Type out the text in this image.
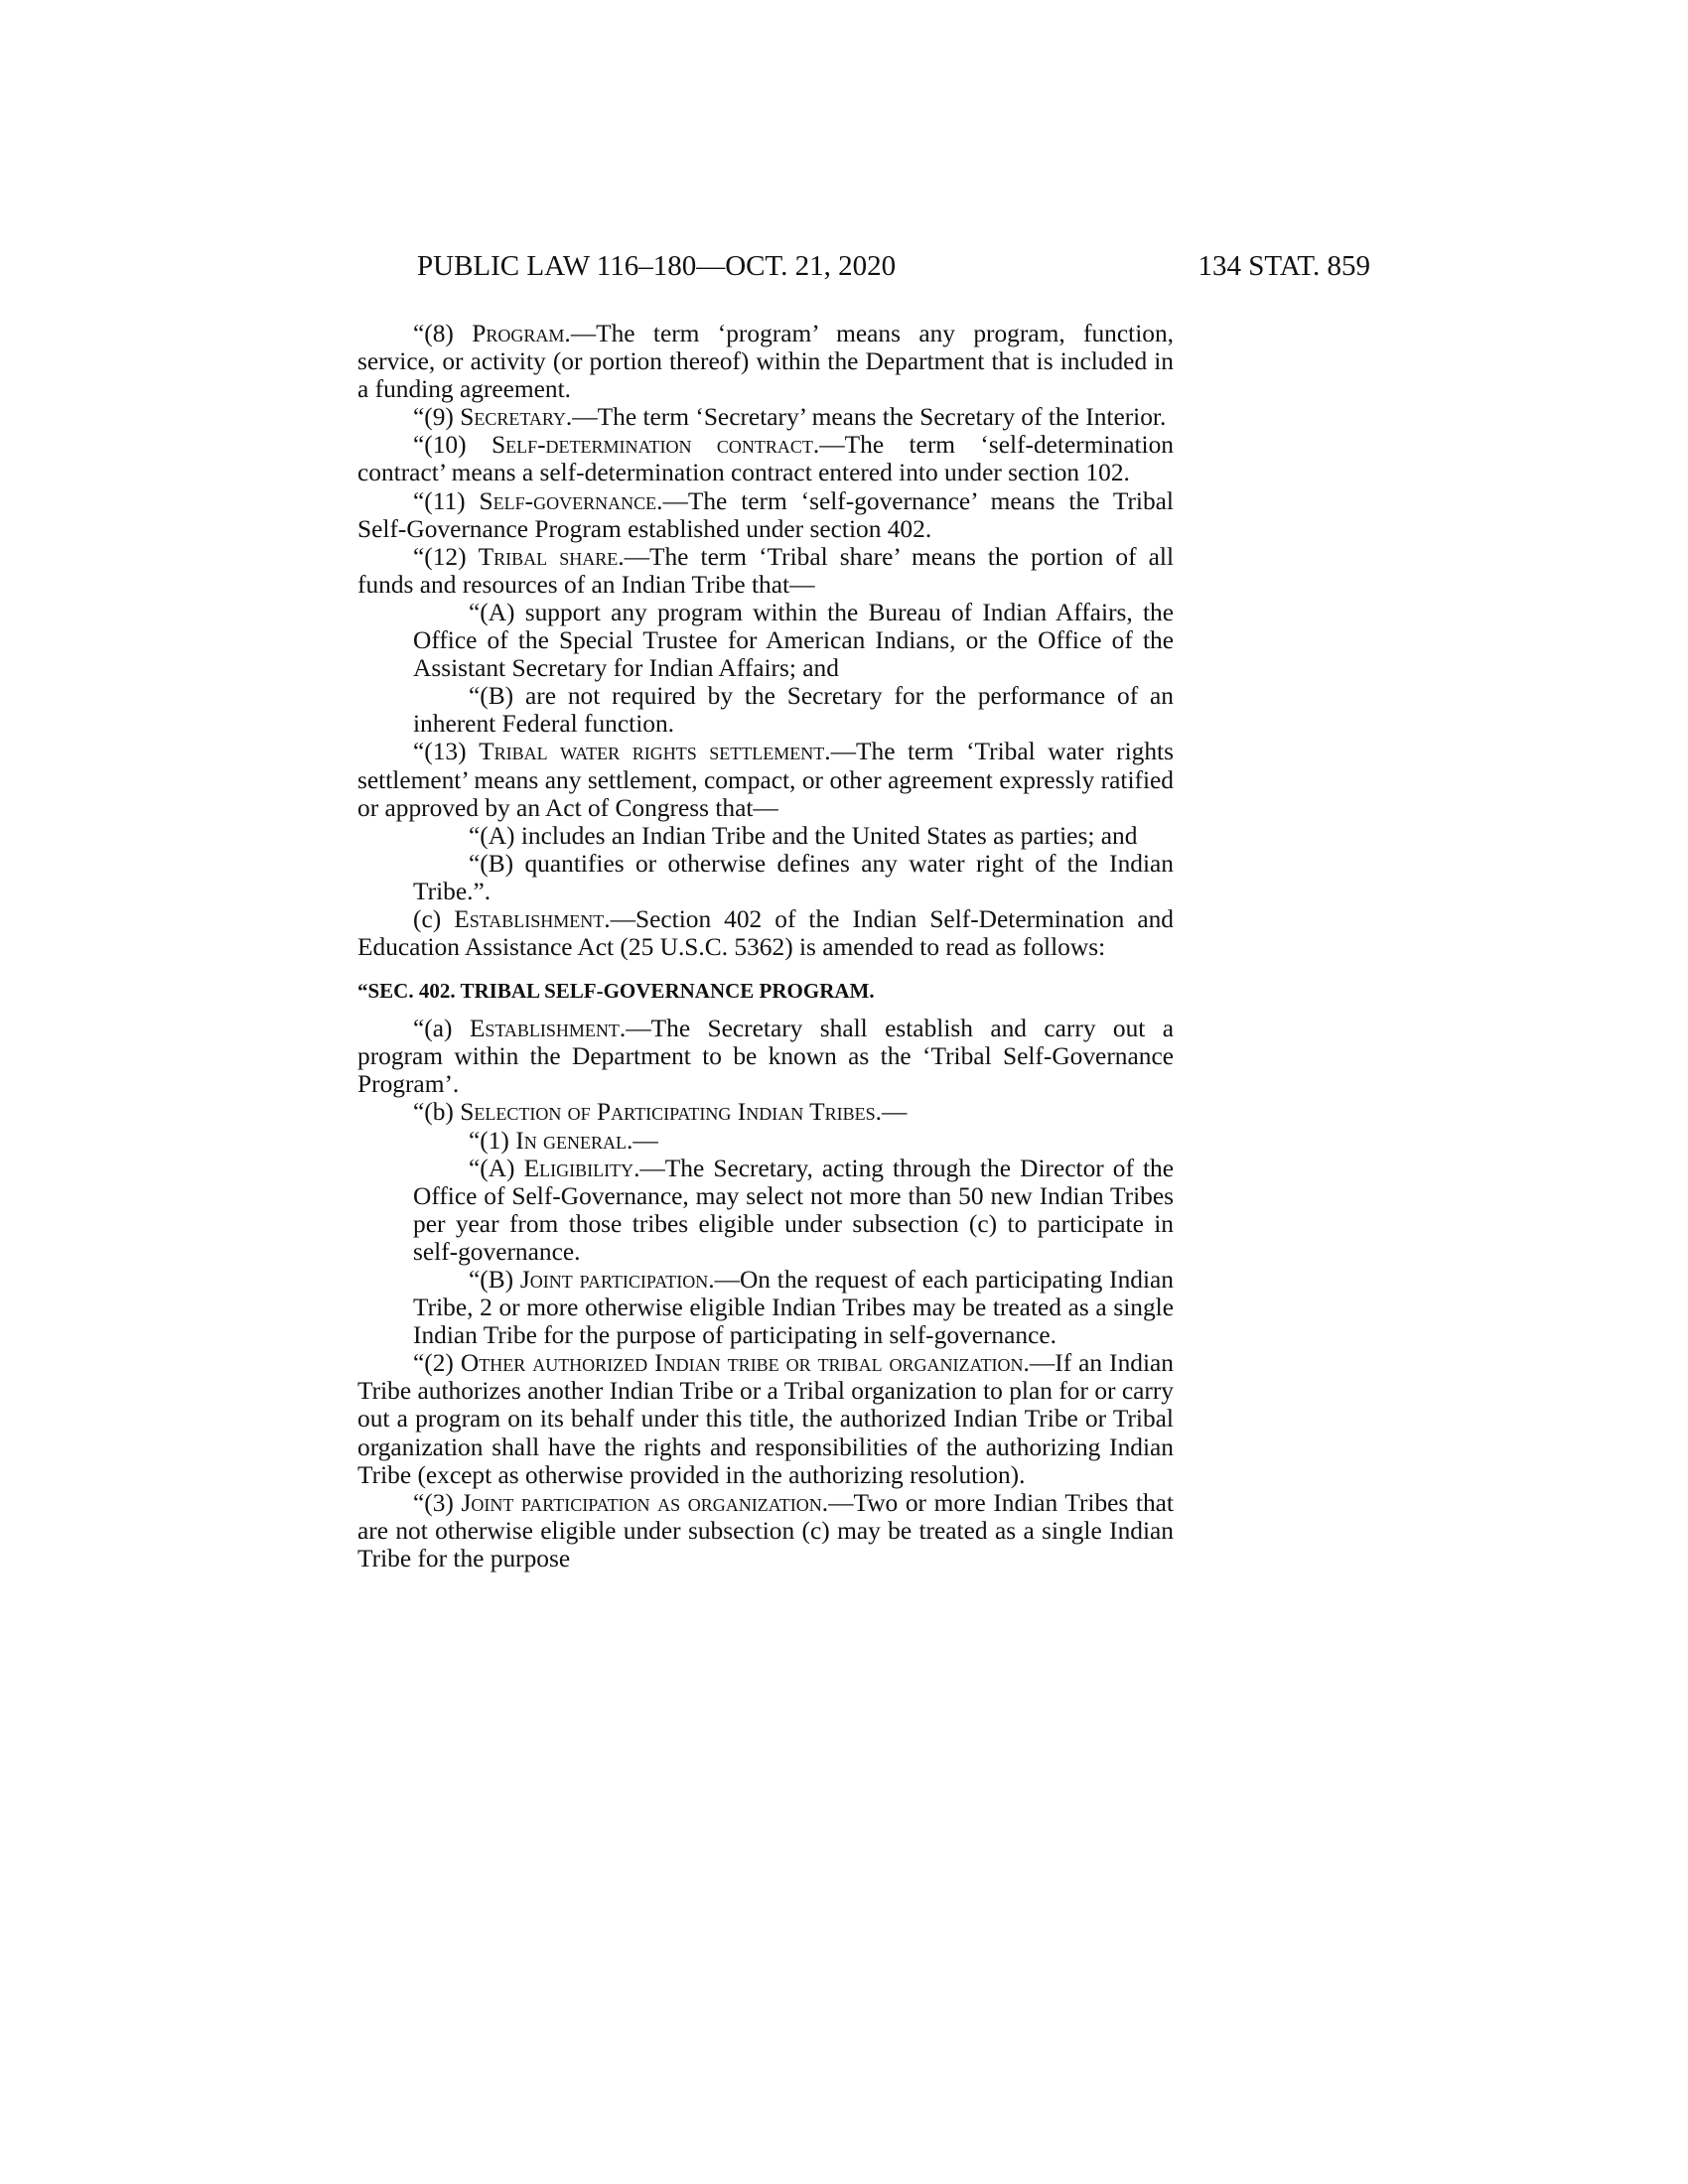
PUBLIC LAW 116–180—OCT. 21, 2020	134 STAT. 859

“(8) Program.—The term ‘program’ means any program, function, service, or activity (or portion thereof) within the Department that is included in a funding agreement.

“(9) Secretary.—The term ‘Secretary’ means the Secretary of the Interior.

“(10) Self-determination contract.—The term ‘self-determination contract’ means a self-determination contract entered into under section 102.

“(11) Self-governance.—The term ‘self-governance’ means the Tribal Self-Governance Program established under section 402.

“(12) Tribal share.—The term ‘Tribal share’ means the portion of all funds and resources of an Indian Tribe that—

“(A) support any program within the Bureau of Indian Affairs, the Office of the Special Trustee for American Indians, or the Office of the Assistant Secretary for Indian Affairs; and

“(B) are not required by the Secretary for the performance of an inherent Federal function.

“(13) Tribal water rights settlement.—The term ‘Tribal water rights settlement’ means any settlement, compact, or other agreement expressly ratified or approved by an Act of Congress that—

“(A) includes an Indian Tribe and the United States as parties; and

“(B) quantifies or otherwise defines any water right of the Indian Tribe.”.

(c) Establishment.—Section 402 of the Indian Self-Determination and Education Assistance Act (25 U.S.C. 5362) is amended to read as follows:

“SEC. 402. TRIBAL SELF-GOVERNANCE PROGRAM.

“(a) Establishment.—The Secretary shall establish and carry out a program within the Department to be known as the ‘Tribal Self-Governance Program’.

“(b) Selection of Participating Indian Tribes.—

“(1) In general.—

“(A) Eligibility.—The Secretary, acting through the Director of the Office of Self-Governance, may select not more than 50 new Indian Tribes per year from those tribes eligible under subsection (c) to participate in self-governance.

“(B) Joint participation.—On the request of each participating Indian Tribe, 2 or more otherwise eligible Indian Tribes may be treated as a single Indian Tribe for the purpose of participating in self-governance.

“(2) Other authorized Indian tribe or tribal organization.—If an Indian Tribe authorizes another Indian Tribe or a Tribal organization to plan for or carry out a program on its behalf under this title, the authorized Indian Tribe or Tribal organization shall have the rights and responsibilities of the authorizing Indian Tribe (except as otherwise provided in the authorizing resolution).

“(3) Joint participation as organization.—Two or more Indian Tribes that are not otherwise eligible under subsection (c) may be treated as a single Indian Tribe for the purpose
